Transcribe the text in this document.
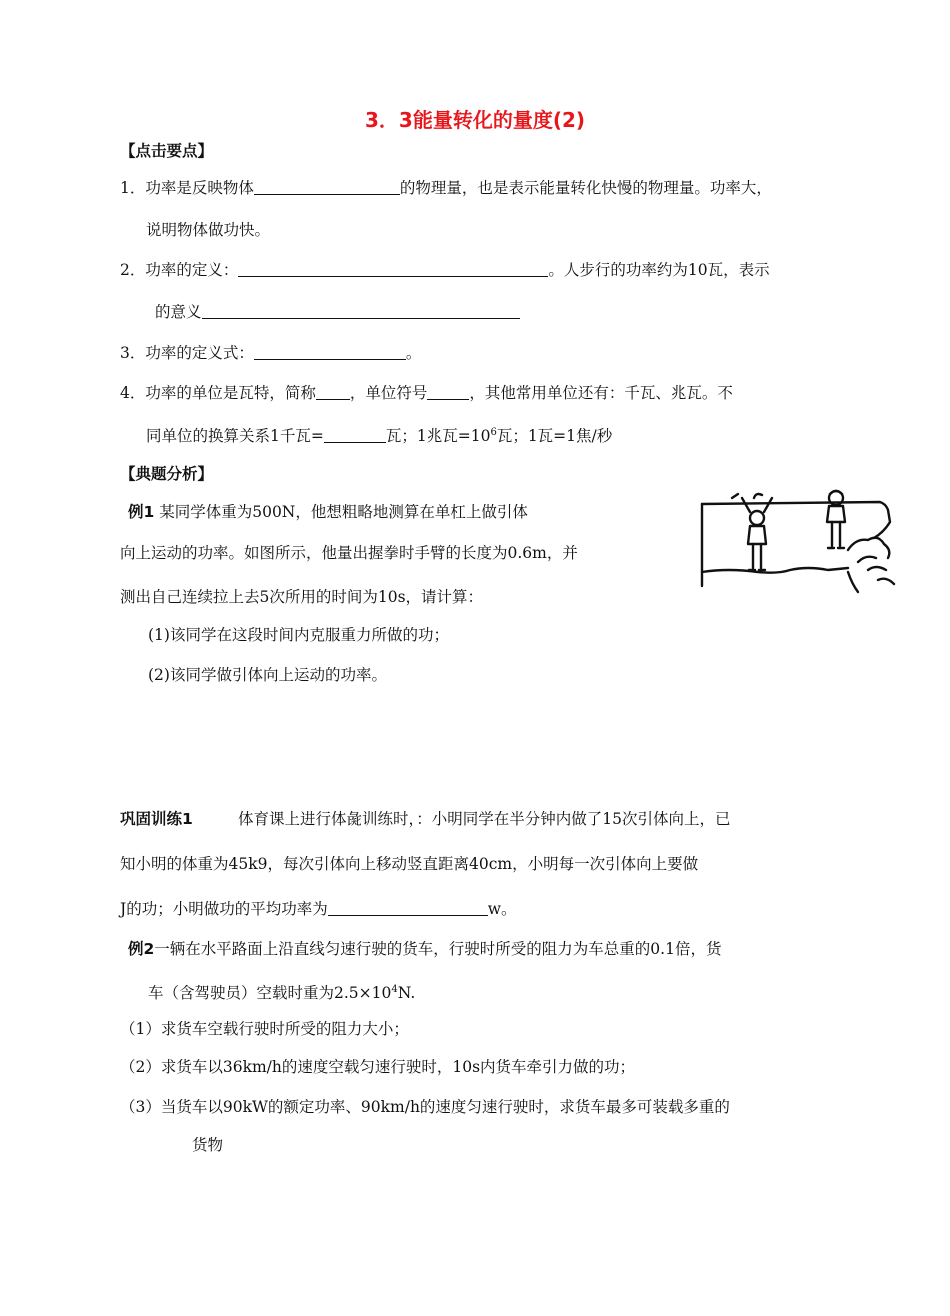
3．3能量转化的量度(2)
【点击要点】
1．功率是反映物体	的物理量，也是表示能量转化快慢的物理量。功率大，
说明物体做功快。
2．功率的定义：	。人步行的功率约为10瓦，表示
的意义
3．功率的定义式：	。
4．功率的单位是瓦特，简称 ，单位符号	，其他常用单位还有：千瓦、兆瓦。不
同单位的换算关系1千瓦=	瓦；1兆瓦$=10^6$瓦；1瓦=1焦/秒
【典题分析】
例1 某同学体重为500N，他想粗略地测算在单杠上做引体
向上运动的功率。如图所示，他量出握拳时手臂的长度为0.6m，并
测出自己连续拉上去5次所用的时间为10s，请计算：
(1)该同学在这段时间内克服重力所做的功；
(2)该同学做引体向上运动的功率。
巩固训练1	体育课上进行体彘训练时，：小明同学在半分钟内做了15次引体向上，已
知小明的体重为45k9，每次引体向上移动竖直距离40cm，小明每一次引体向上要做
J的功；小明做功的平均功率为	w。
例2一辆在水平路面上沿直线匀速行驶的货车，行驶时所受的阻力为车总重的0.1倍，货
车（含驾驶员）空载时重为$2.5\times 10^4N$.
（1）求货车空载行驶时所受的阻力大小；
（2）求货车以36km/h的速度空载匀速行驶时，10s内货车牵引力做的功；
（3）当货车以90kW的额定功率、90km/h的速度匀速行驶时，求货车最多可装载多重的
货物
